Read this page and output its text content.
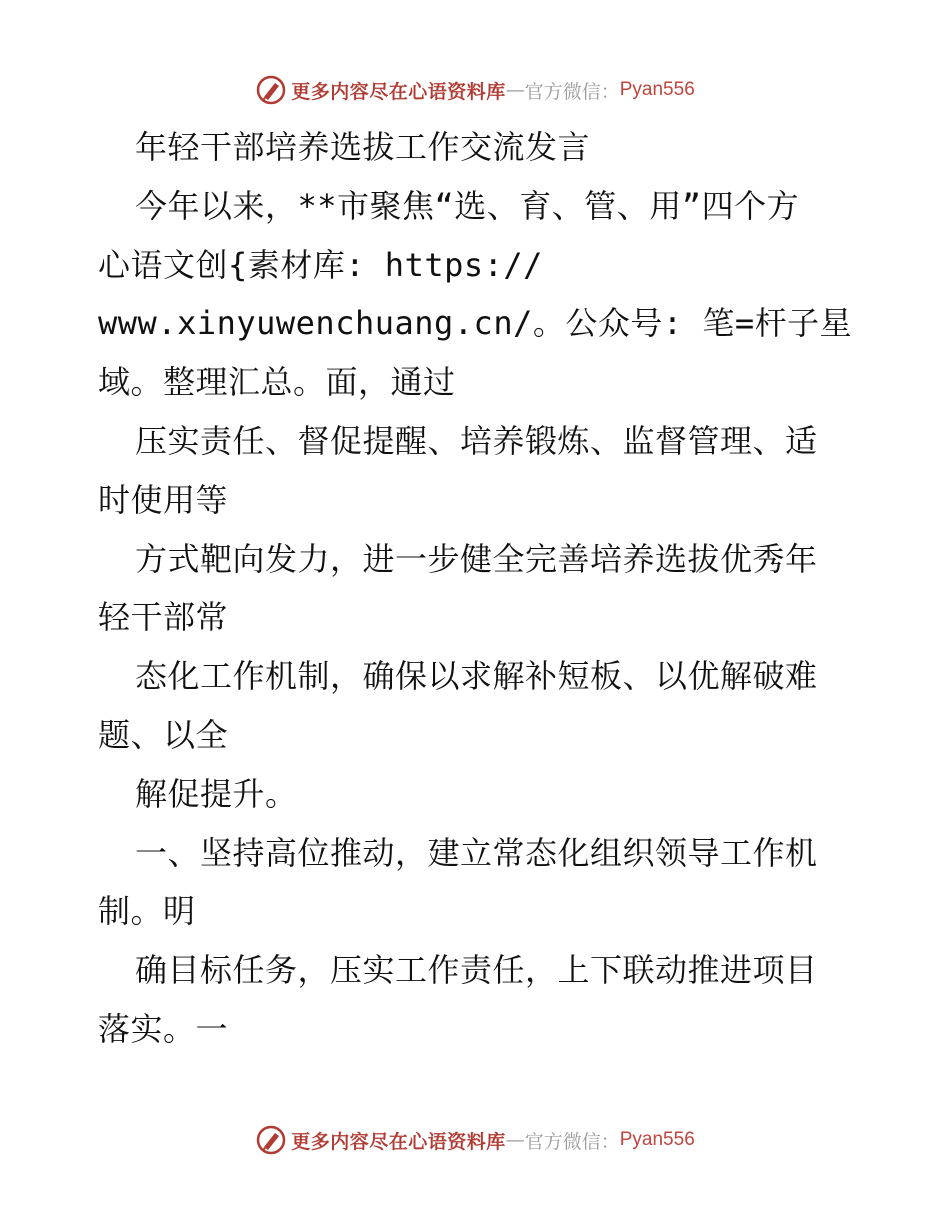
更多内容尽在心语资料库 — 官方微信： Pyan556
年轻干部培养选拔工作交流发言
今年以来，**市聚焦“选、育、管、用”四个方
心语文创{素材库: https://
www.xinyuwenchuang.cn/。公众号: 笔=杆子星
域。整理汇总。面，通过
压实责任、督促提醒、培养锻炼、监督管理、适
时使用等
方式靶向发力，进一步健全完善培养选拔优秀年
轻干部常
态化工作机制，确保以求解补短板、以优解破难
题、以全
解促提升。
一、坚持高位推动，建立常态化组织领导工作机
制。明
确目标任务，压实工作责任，上下联动推进项目
落实。一
更多内容尽在心语资料库 — 官方微信： Pyan556
